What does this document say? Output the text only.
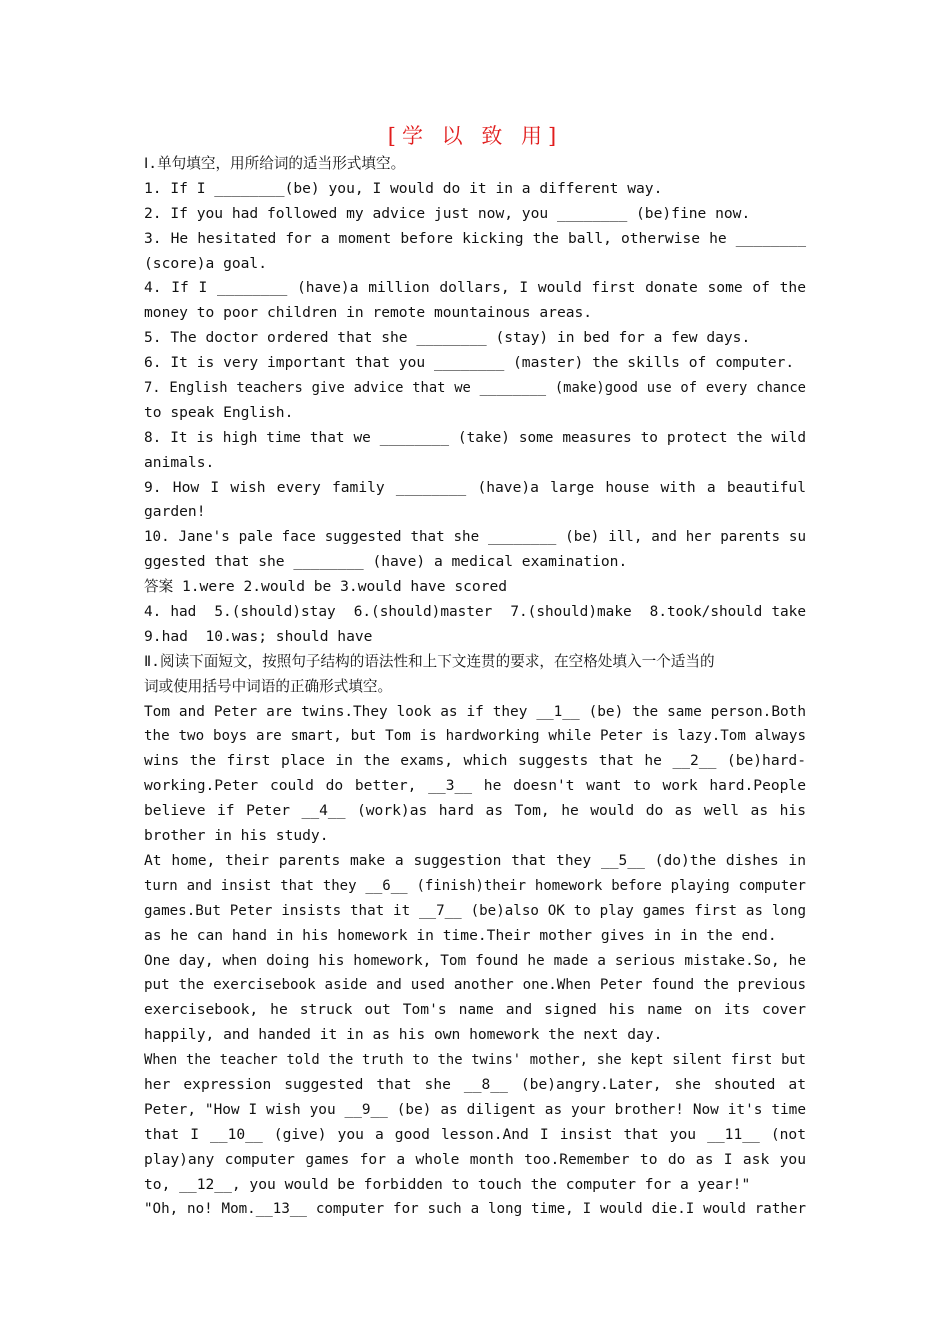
[学 以 致 用]
Ⅰ.单句填空，用所给词的适当形式填空。
1. If I ________(be) you, I would do it in a different way.
2. If you had followed my advice just now, you ________ (be)fine now.
3. He hesitated for a moment before kicking the ball, otherwise he ________
(score)a goal.
4. If I ________ (have)a million dollars, I would first donate some of the
money to poor children in remote mountainous areas.
5. The doctor ordered that she ________ (stay) in bed for a few days.
6. It is very important that you ________ (master) the skills of computer.
7. English teachers give advice that we ________ (make)good use of every chance
to speak English.
8. It is high time that we ________ (take) some measures to protect the wild
animals.
9. How I wish every family ________ (have)a large house with a beautiful
garden!
10. Jane's pale face suggested that she ________ (be) ill, and her parents su
ggested that she ________ (have) a medical examination.
答案 1.were 2.would be 3.would have scored
4. had  5.(should)stay  6.(should)master  7.(should)make  8.took/should take
9.had  10.was; should have
Ⅱ.阅读下面短文，按照句子结构的语法性和上下文连贯的要求，在空格处填入一个适当的
词或使用括号中词语的正确形式填空。
Tom and Peter are twins.They look as if they __1__ (be) the same person.Both
the two boys are smart, but Tom is hardworking while Peter is lazy.Tom always
wins the first place in the exams, which suggests that he __2__ (be)hard-
working.Peter could do better, __3__ he doesn't want to work hard.People
believe if Peter __4__ (work)as hard as Tom, he would do as well as his
brother in his study.
At home, their parents make a suggestion that they __5__ (do)the dishes in
turn and insist that they __6__ (finish)their homework before playing computer
games.But Peter insists that it __7__ (be)also OK to play games first as long
as he can hand in his homework in time.Their mother gives in in the end.
One day, when doing his homework, Tom found he made a serious mistake.So, he
put the exercisebook aside and used another one.When Peter found the previous
exercisebook, he struck out Tom's name and signed his name on its cover
happily, and handed it in as his own homework the next day.
When the teacher told the truth to the twins' mother, she kept silent first but
her expression suggested that she __8__ (be)angry.Later, she shouted at
Peter, "How I wish you __9__ (be) as diligent as your brother! Now it's time
that I __10__ (give) you a good lesson.And I insist that you __11__ (not
play)any computer games for a whole month too.Remember to do as I ask you
to, __12__, you would be forbidden to touch the computer for a year!"
"Oh, no! Mom.__13__ computer for such a long time, I would die.I would rather
